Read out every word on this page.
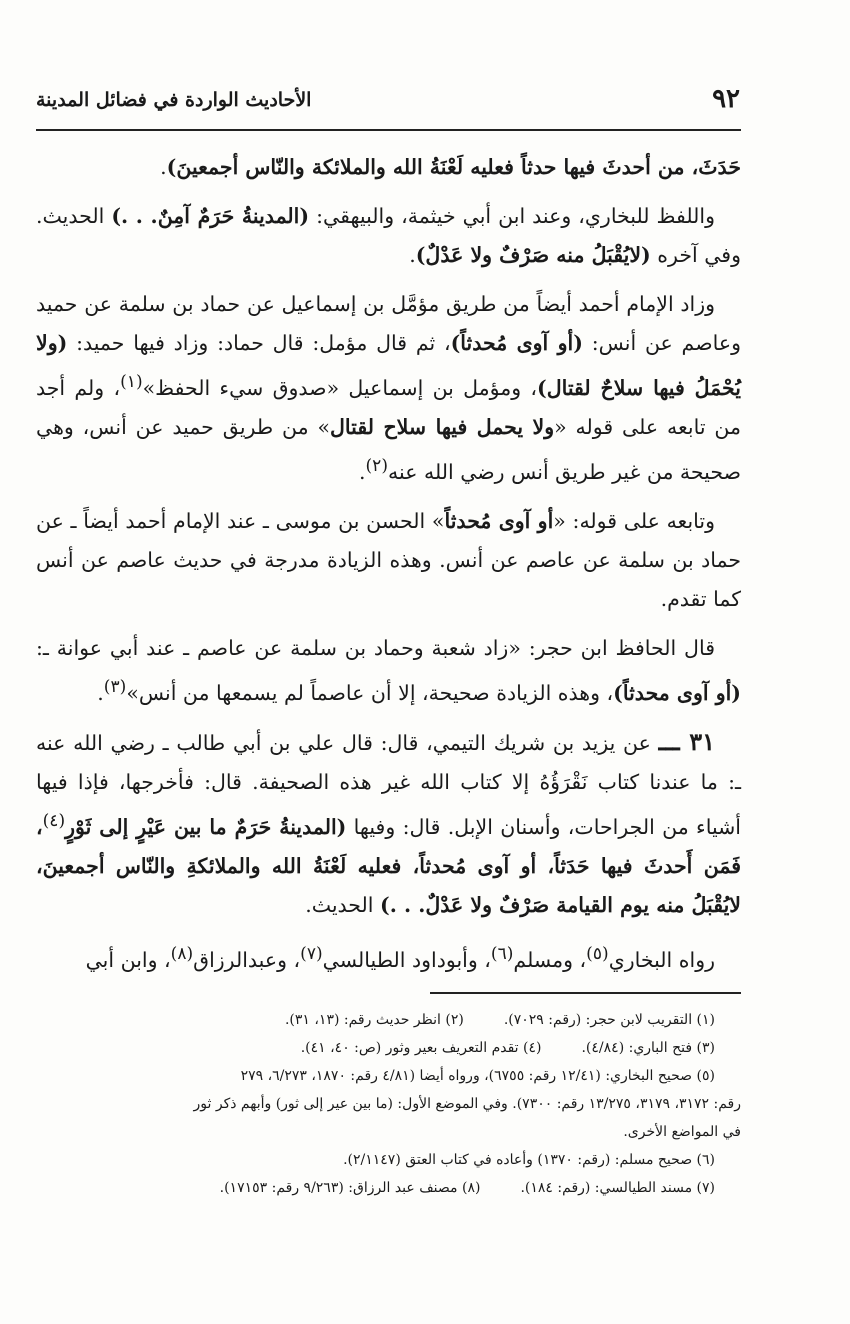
٩٢
الأحاديث الواردة في فضائل المدينة

حَدَثَ، من أحدثَ فيها حدثاً فعليه لَعْنَةُ الله والملائكة والنّاس أجمعينَ).

واللفظ للبخاري، وعند ابن أبي خيثمة، والبيهقي: (المدينةُ حَرَمٌ آمِنٌ. . .) الحديث. وفي آخره (لايُقْبَلُ منه صَرْفٌ ولا عَدْلٌ).

وزاد الإمام أحمد أيضاً من طريق مؤمَّل بن إسماعيل عن حماد بن سلمة عن حميد وعاصم عن أنس: (أو آوى مُحدثاً)، ثم قال مؤمل: قال حماد: وزاد فيها حميد: (ولا يُحْمَلُ فيها سلاحٌ لقتال)، ومؤمل بن إسماعيل «صدوق سيء الحفظ»$^{(١)}$، ولم أجد من تابعه على قوله «ولا يحمل فيها سلاح لقتال» من طريق حميد عن أنس، وهي صحيحة من غير طريق أنس رضي الله عنه$^{(٢)}$.

وتابعه على قوله: «أو آوى مُحدثاً» الحسن بن موسى ـ عند الإمام أحمد أيضاً ـ عن حماد بن سلمة عن عاصم عن أنس. وهذه الزيادة مدرجة في حديث عاصم عن أنس كما تقدم.

قال الحافظ ابن حجر: «زاد شعبة وحماد بن سلمة عن عاصم ـ عند أبي عوانة ـ: (أو آوى محدثاً)، وهذه الزيادة صحيحة، إلا أن عاصماً لم يسمعها من أنس»$^{(٣)}$.

٣١ ـــ عن يزيد بن شريك التيمي، قال: قال علي بن أبي طالب ـ رضي الله عنه ـ: ما عندنا كتاب نَقْرَؤُهُ إلا كتاب الله غير هذه الصحيفة. قال: فأخرجها، فإذا فيها أشياء من الجراحات، وأسنان الإبل. قال: وفيها (المدينةُ حَرَمٌ ما بين عَيْرٍ إلى ثَوْرٍ$^{(٤)}$، فَمَن أَحدثَ فيها حَدَثاً، أو آوى مُحدثاً، فعليه لَعْنَةُ الله والملائكةِ والنّاس أجمعينَ، لايُقْبَلُ منه يوم القيامة صَرْفٌ ولا عَدْلٌ. . .) الحديث.

رواه البخاري$^{(٥)}$، ومسلم$^{(٦)}$، وأبوداود الطيالسي$^{(٧)}$، وعبدالرزاق$^{(٨)}$، وابن أبي

(١) التقريب لابن حجر: (رقم: ٧٠٢٩).
(٢) انظر حديث رقم: (١٣، ٣١).
(٣) فتح الباري: (٤/٨٤).
(٤) تقدم التعريف بعير وثور (ص: ٤٠، ٤١).
(٥) صحيح البخاري: (١٢/٤١ رقم: ٦٧٥٥)، ورواه أيضا (٤/٨١ رقم: ١٨٧٠، ٦/٢٧٣، ٢٧٩
رقم: ٣١٧٢، ٣١٧٩، ١٣/٢٧٥ رقم: ٧٣٠٠). وفي الموضع الأول: (ما بين عير إلى ثور) وأبهم ذكر ثور
في المواضع الأخرى.
(٦) صحيح مسلم: (رقم: ١٣٧٠) وأعاده في كتاب العتق (٢/١١٤٧).
(٧) مسند الطيالسي: (رقم: ١٨٤).
(٨) مصنف عبد الرزاق: (٩/٢٦٣ رقم: ١٧١٥٣).
